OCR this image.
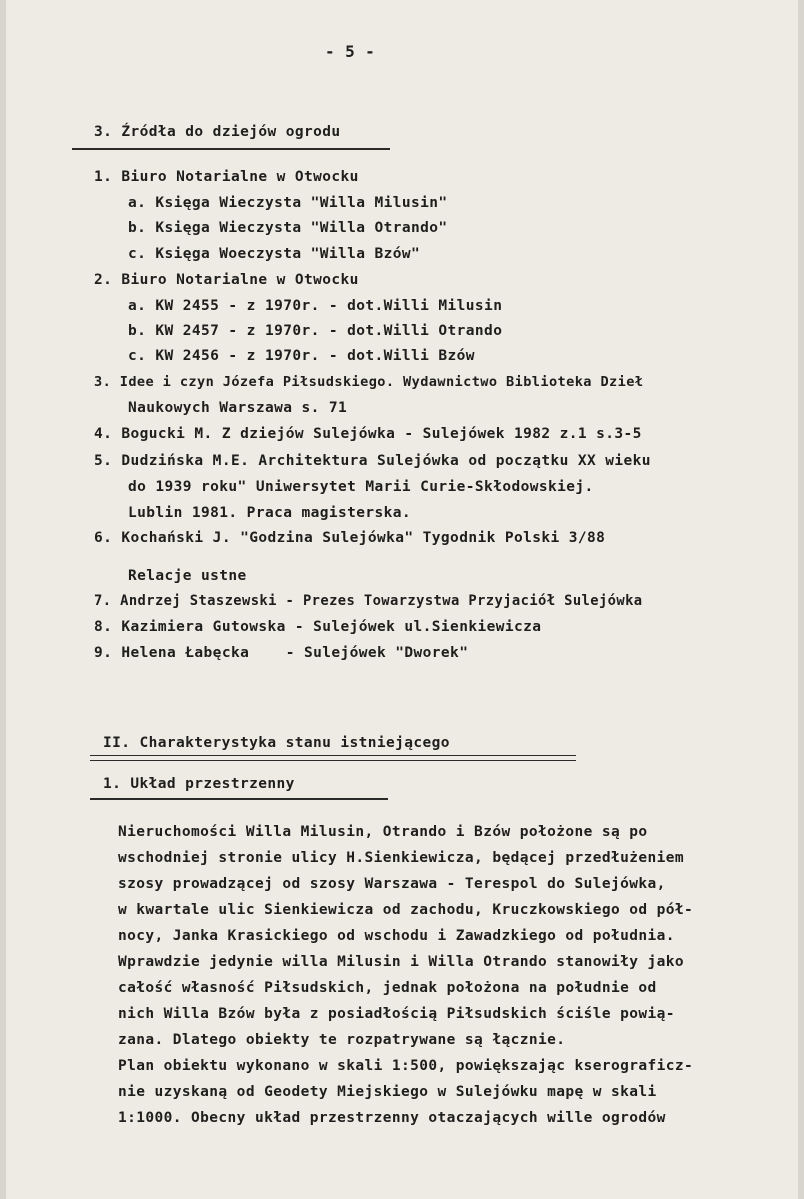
- 5 -
3. Źródła do dziejów ogrodu
1. Biuro Notarialne w Otwocku
a. Księga Wieczysta "Willa Milusin"
b. Księga Wieczysta "Willa Otrando"
c. Księga Woeczysta "Willa Bzów"
2. Biuro Notarialne w Otwocku
a. KW 2455 - z 1970r. - dot.Willi Milusin
b. KW 2457 - z 1970r. - dot.Willi Otrando
c. KW 2456 - z 1970r. - dot.Willi Bzów
3. Idee i czyn Józefa Piłsudskiego. Wydawnictwo Biblioteka Dzieł
Naukowych Warszawa s. 71
4. Bogucki M. Z dziejów Sulejówka - Sulejówek 1982 z.1 s.3-5
5. Dudzińska M.E. Architektura Sulejówka od początku XX wieku
do 1939 roku" Uniwersytet Marii Curie-Skłodowskiej.
Lublin 1981. Praca magisterska.
6. Kochański J. "Godzina Sulejówka" Tygodnik Polski 3/88
Relacje ustne
7. Andrzej Staszewski - Prezes Towarzystwa Przyjaciół Sulejówka
8. Kazimiera Gutowska - Sulejówek ul.Sienkiewicza
9. Helena Łabęcka    - Sulejówek "Dworek"
II. Charakterystyka stanu istniejącego
1. Układ przestrzenny
Nieruchomości Willa Milusin, Otrando i Bzów położone są po
wschodniej stronie ulicy H.Sienkiewicza, będącej przedłużeniem
szosy prowadzącej od szosy Warszawa - Terespol do Sulejówka,
w kwartale ulic Sienkiewicza od zachodu, Kruczkowskiego od pół-
nocy, Janka Krasickiego od wschodu i Zawadzkiego od południa.
Wprawdzie jedynie willa Milusin i Willa Otrando stanowiły jako
całość własność Piłsudskich, jednak położona na południe od
nich Willa Bzów była z posiadłością Piłsudskich ściśle powią-
zana. Dlatego obiekty te rozpatrywane są łącznie.
Plan obiektu wykonano w skali 1:500, powiększając kserograficz-
nie uzyskaną od Geodety Miejskiego w Sulejówku mapę w skali
1:1000. Obecny układ przestrzenny otaczających wille ogrodów
